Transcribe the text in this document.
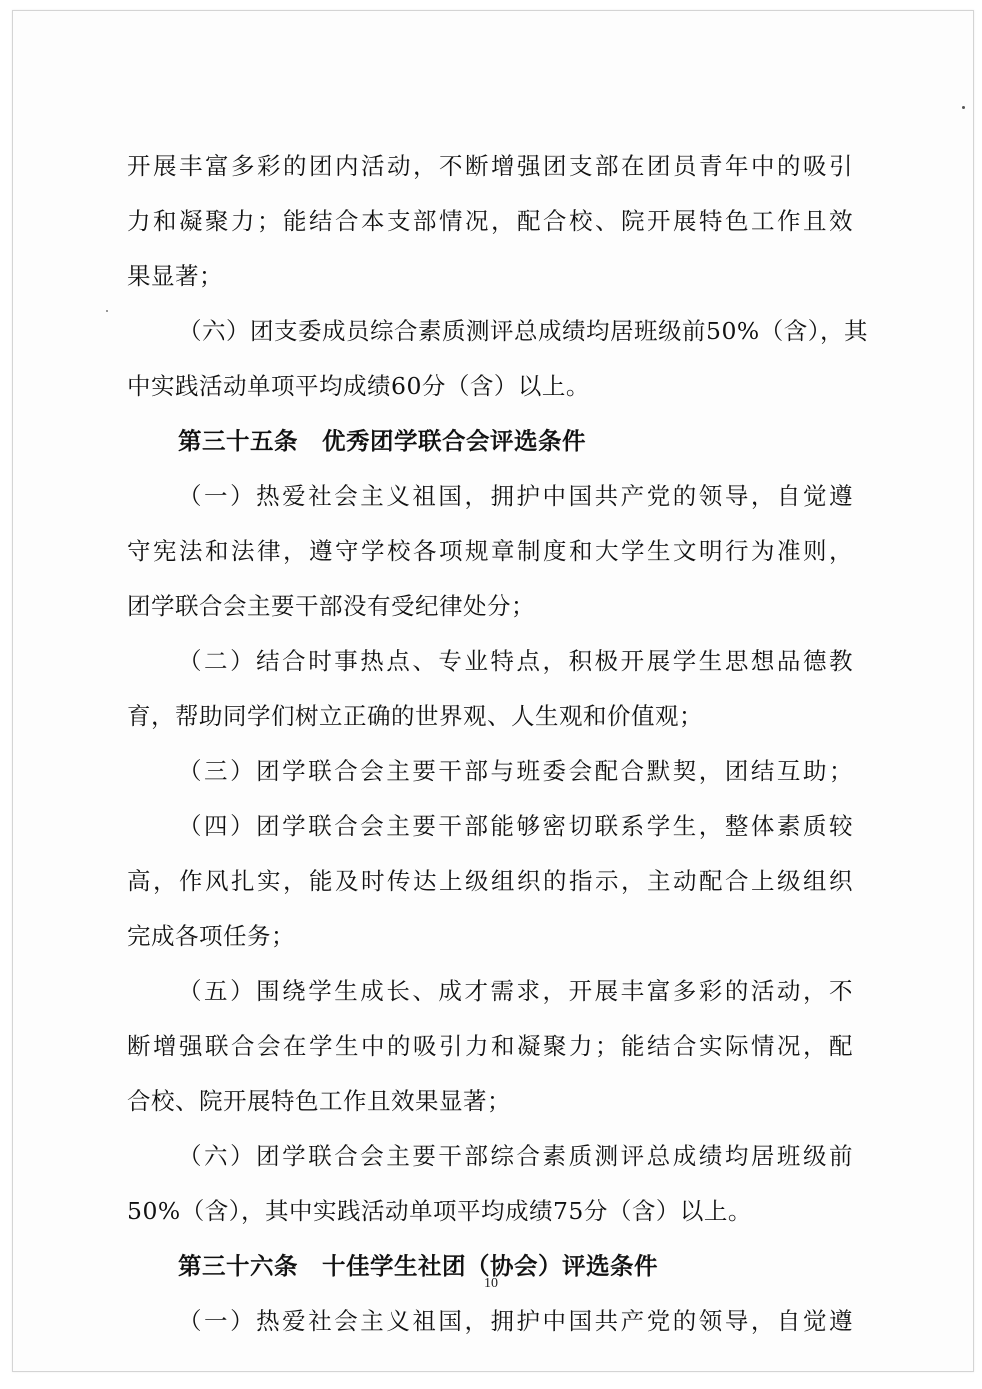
开展丰富多彩的团内活动，不断增强团支部在团员青年中的吸引
力和凝聚力；能结合本支部情况，配合校、院开展特色工作且效
果显著；
（六）团支委成员综合素质测评总成绩均居班级前50%（含），其
中实践活动单项平均成绩60分（含）以上。
第三十五条　优秀团学联合会评选条件
（一）热爱社会主义祖国，拥护中国共产党的领导，自觉遵
守宪法和法律，遵守学校各项规章制度和大学生文明行为准则，
团学联合会主要干部没有受纪律处分；
（二）结合时事热点、专业特点，积极开展学生思想品德教
育，帮助同学们树立正确的世界观、人生观和价值观；
（三）团学联合会主要干部与班委会配合默契，团结互助；
（四）团学联合会主要干部能够密切联系学生，整体素质较
高，作风扎实，能及时传达上级组织的指示，主动配合上级组织
完成各项任务；
（五）围绕学生成长、成才需求，开展丰富多彩的活动，不
断增强联合会在学生中的吸引力和凝聚力；能结合实际情况，配
合校、院开展特色工作且效果显著；
（六）团学联合会主要干部综合素质测评总成绩均居班级前
50%（含），其中实践活动单项平均成绩75分（含）以上。
第三十六条　十佳学生社团（协会）评选条件
（一）热爱社会主义祖国，拥护中国共产党的领导，自觉遵
10
